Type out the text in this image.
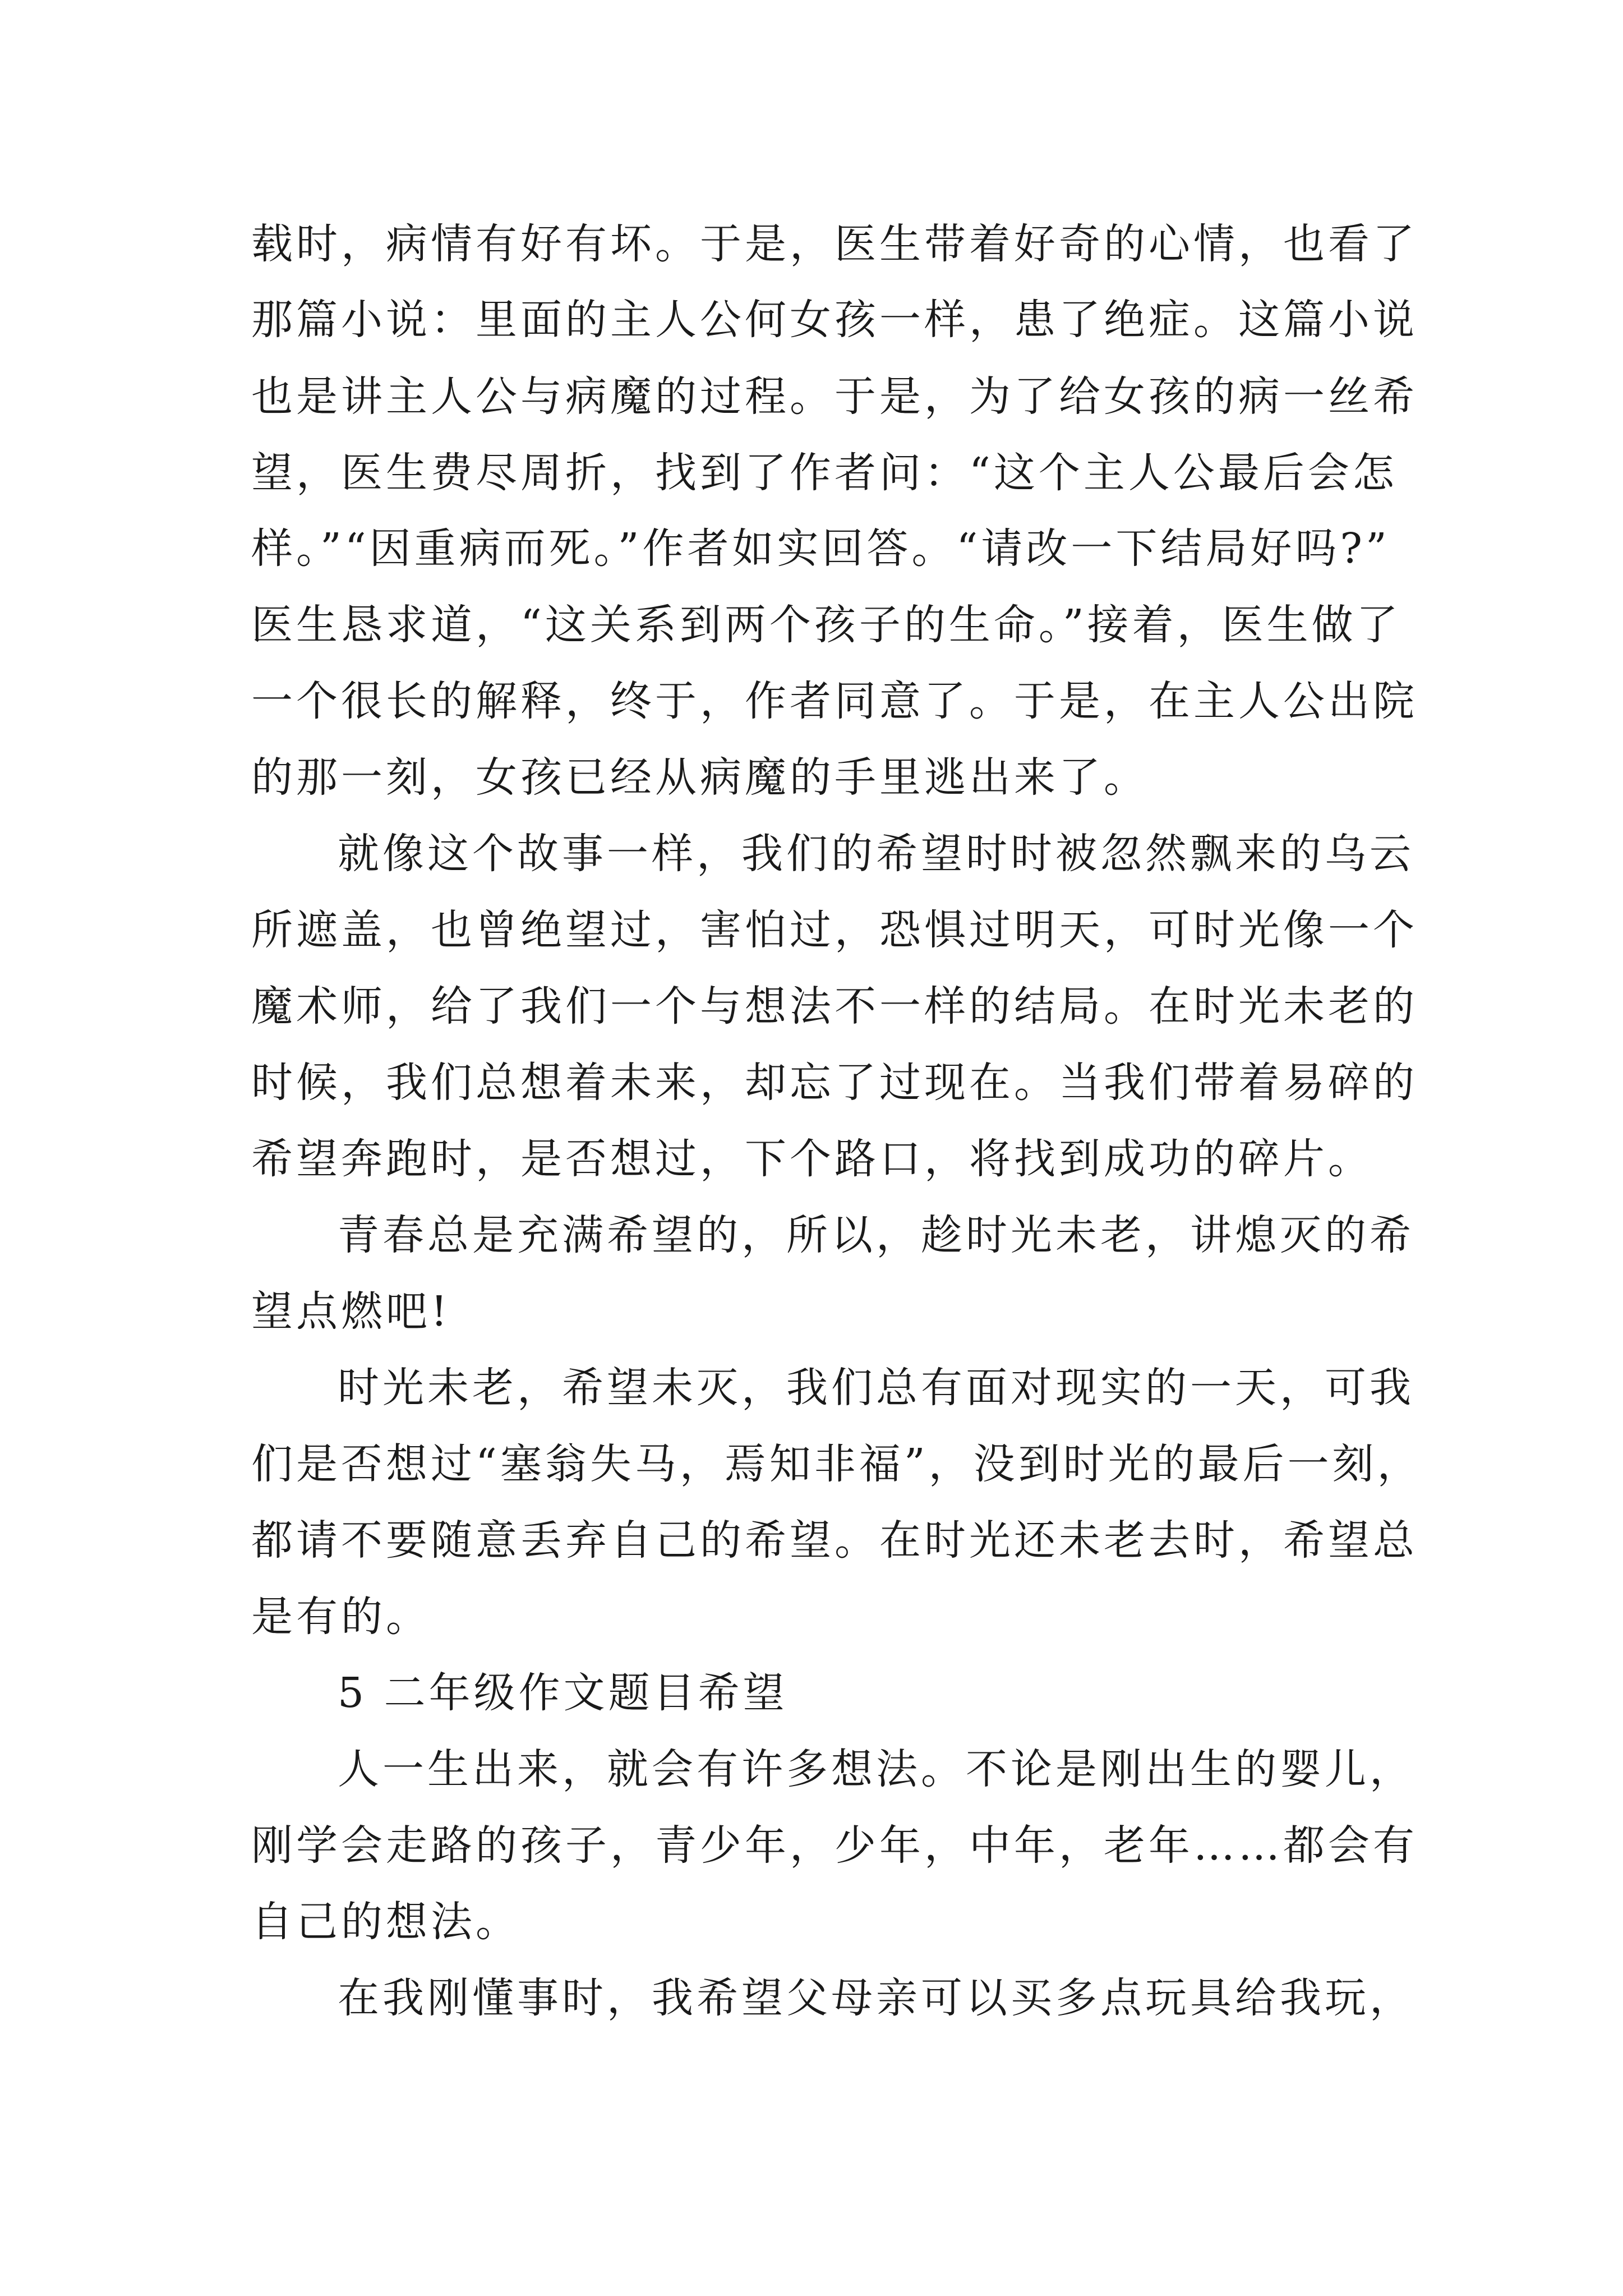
载时，病情有好有坏。于是，医生带着好奇的心情，也看了
那篇小说：里面的主人公何女孩一样，患了绝症。这篇小说
也是讲主人公与病魔的过程。于是，为了给女孩的病一丝希
望，医生费尽周折，找到了作者问：“这个主人公最后会怎
样。”“因重病而死。”作者如实回答。“请改一下结局好吗?”
医生恳求道，“这关系到两个孩子的生命。”接着，医生做了
一个很长的解释，终于，作者同意了。于是，在主人公出院
的那一刻，女孩已经从病魔的手里逃出来了。
就像这个故事一样，我们的希望时时被忽然飘来的乌云
所遮盖，也曾绝望过，害怕过，恐惧过明天，可时光像一个
魔术师，给了我们一个与想法不一样的结局。在时光未老的
时候，我们总想着未来，却忘了过现在。当我们带着易碎的
希望奔跑时，是否想过，下个路口，将找到成功的碎片。
青春总是充满希望的，所以，趁时光未老，讲熄灭的希
望点燃吧!
时光未老，希望未灭，我们总有面对现实的一天，可我
们是否想过“塞翁失马，焉知非福”，没到时光的最后一刻，
都请不要随意丢弃自己的希望。在时光还未老去时，希望总
是有的。
5 二年级作文题目希望
人一生出来，就会有许多想法。不论是刚出生的婴儿，
刚学会走路的孩子，青少年，少年，中年，老年……都会有
自己的想法。
在我刚懂事时，我希望父母亲可以买多点玩具给我玩，
